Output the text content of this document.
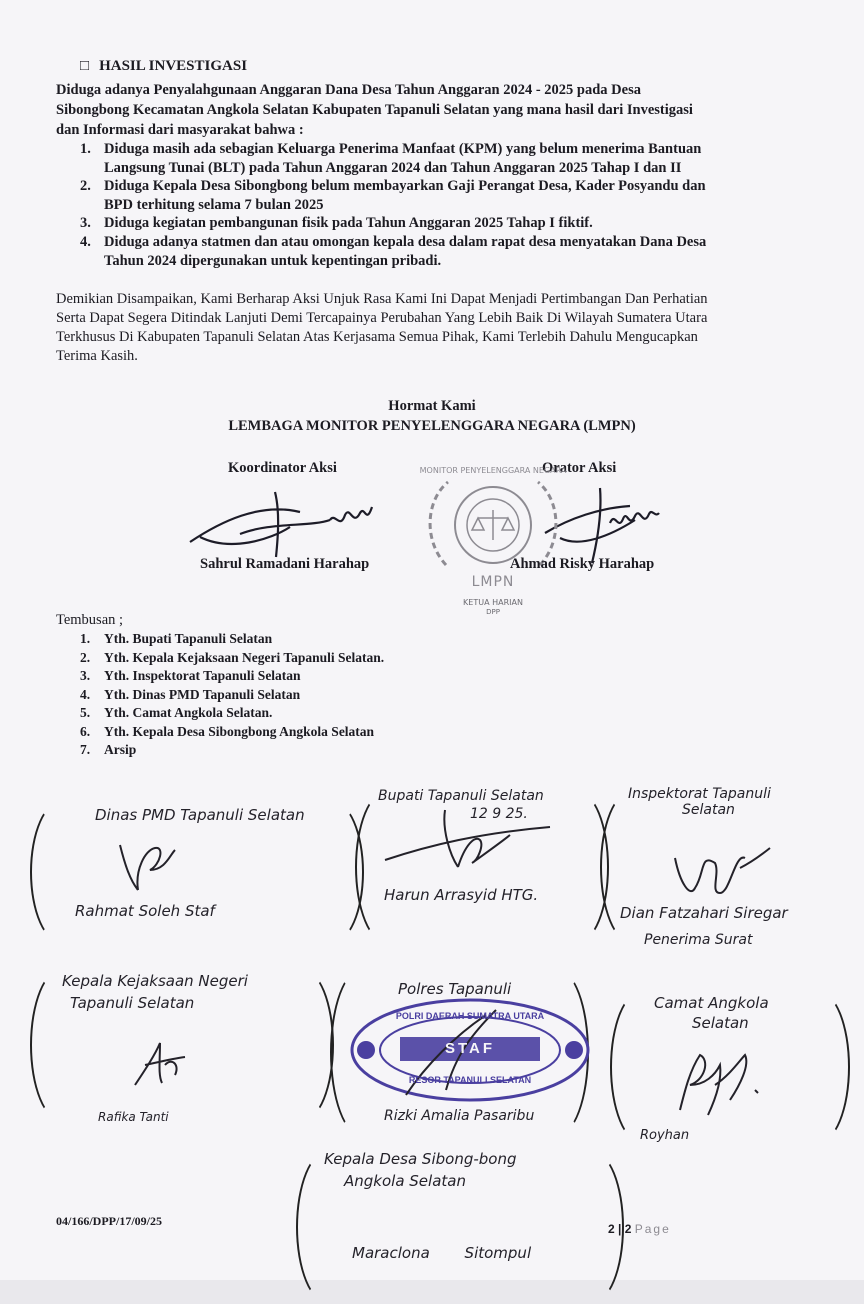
□ HASIL INVESTIGASI
Diduga adanya Penyalahgunaan Anggaran Dana Desa Tahun Anggaran 2024 - 2025 pada Desa
Sibongbong Kecamatan Angkola Selatan Kabupaten Tapanuli Selatan yang mana hasil dari Investigasi
dan Informasi dari masyarakat bahwa :
1. Diduga masih ada sebagian Keluarga Penerima Manfaat (KPM) yang belum menerima Bantuan
Langsung Tunai (BLT) pada Tahun Anggaran 2024 dan Tahun Anggaran 2025 Tahap I dan II
2. Diduga Kepala Desa Sibongbong belum membayarkan Gaji Perangat Desa, Kader Posyandu dan
BPD terhitung selama 7 bulan 2025
3. Diduga kegiatan pembangunan fisik pada Tahun Anggaran 2025 Tahap I fiktif.
4. Diduga adanya statmen dan atau omongan kepala desa dalam rapat desa menyatakan Dana Desa
Tahun 2024 dipergunakan untuk kepentingan pribadi.
Demikian Disampaikan, Kami Berharap Aksi Unjuk Rasa Kami Ini Dapat Menjadi Pertimbangan Dan Perhatian
Serta Dapat Segera Ditindak Lanjuti Demi Tercapainya Perubahan Yang Lebih Baik Di Wilayah Sumatera Utara
Terkhusus Di Kabupaten Tapanuli Selatan Atas Kerjasama Semua Pihak, Kami Terlebih Dahulu Mengucapkan
Terima Kasih.
Hormat Kami
LEMBAGA MONITOR PENYELENGGARA NEGARA (LMPN)
Koordinator Aksi	Orator Aksi
MONITOR PENYELENGGARA NEGARA
LMPN
KETUA HARIAN
DPP
Sahrul Ramadani Harahap	Ahmad Risky Harahap
Tembusan ;
1. Yth. Bupati Tapanuli Selatan
2. Yth. Kepala Kejaksaan Negeri Tapanuli Selatan.
3. Yth. Inspektorat Tapanuli Selatan
4. Yth. Dinas PMD Tapanuli Selatan
5. Yth. Camat Angkola Selatan.
6. Yth. Kepala Desa Sibongbong Angkola Selatan
7. Arsip
Dinas PMD Tapanuli Selatan
Rahmat Soleh Staf
Bupati Tapanuli Selatan
12 9 25.
Harun Arrasyid HTG.
Inspektorat Tapanuli
Selatan
Dian Fatzahari Siregar
Penerima Surat
Kepala Kejaksaan Negeri
Tapanuli Selatan
Rafika Tanti
Polres Tapanuli
POLRI DAERAH SUMATRA UTARA
STAF
RESOR TAPANULI SELATAN
Rizki Amalia Pasaribu
Camat Angkola
Selatan
Royhan
Kepala Desa Sibong-bong
Angkola Selatan
Maraclona Sitompul
04/166/DPP/17/09/25
2 | 2 Page
